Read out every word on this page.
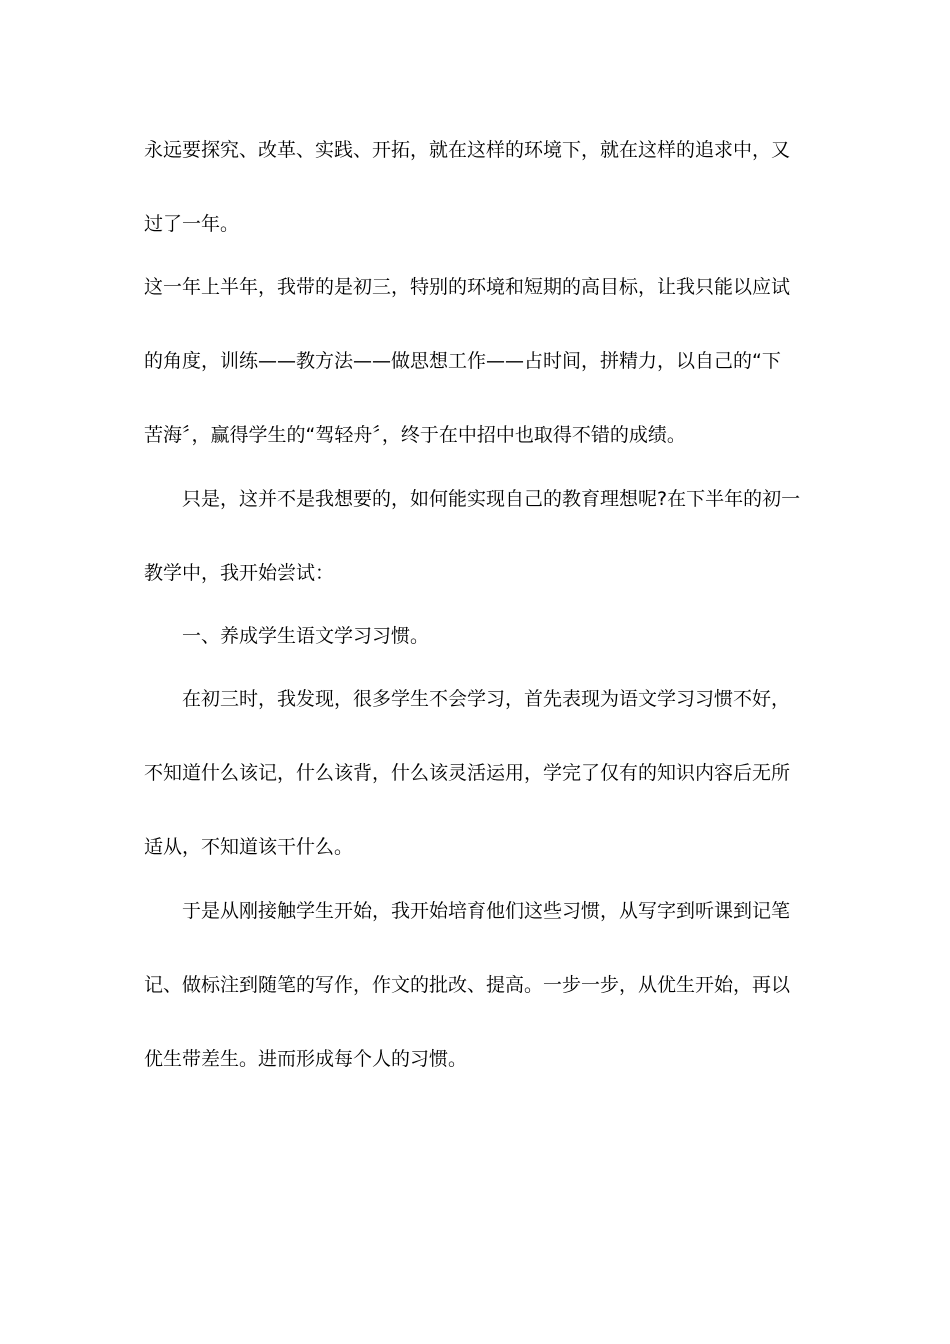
永远要探究、改革、实践、开拓，就在这样的环境下，就在这样的追求中，又
过了一年。
这一年上半年，我带的是初三，特别的环境和短期的高目标，让我只能以应试
的角度，训练——教方法——做思想工作——占时间，拼精力，以自己的“下
苦海〞，赢得学生的“驾轻舟〞，终于在中招中也取得不错的成绩。
只是，这并不是我想要的，如何能实现自己的教育理想呢?在下半年的初一
教学中，我开始尝试：
一、养成学生语文学习习惯。
在初三时，我发现，很多学生不会学习，首先表现为语文学习习惯不好，
不知道什么该记，什么该背，什么该灵活运用，学完了仅有的知识内容后无所
适从，不知道该干什么。
于是从刚接触学生开始，我开始培育他们这些习惯，从写字到听课到记笔
记、做标注到随笔的写作，作文的批改、提高。一步一步，从优生开始，再以
优生带差生。进而形成每个人的习惯。
